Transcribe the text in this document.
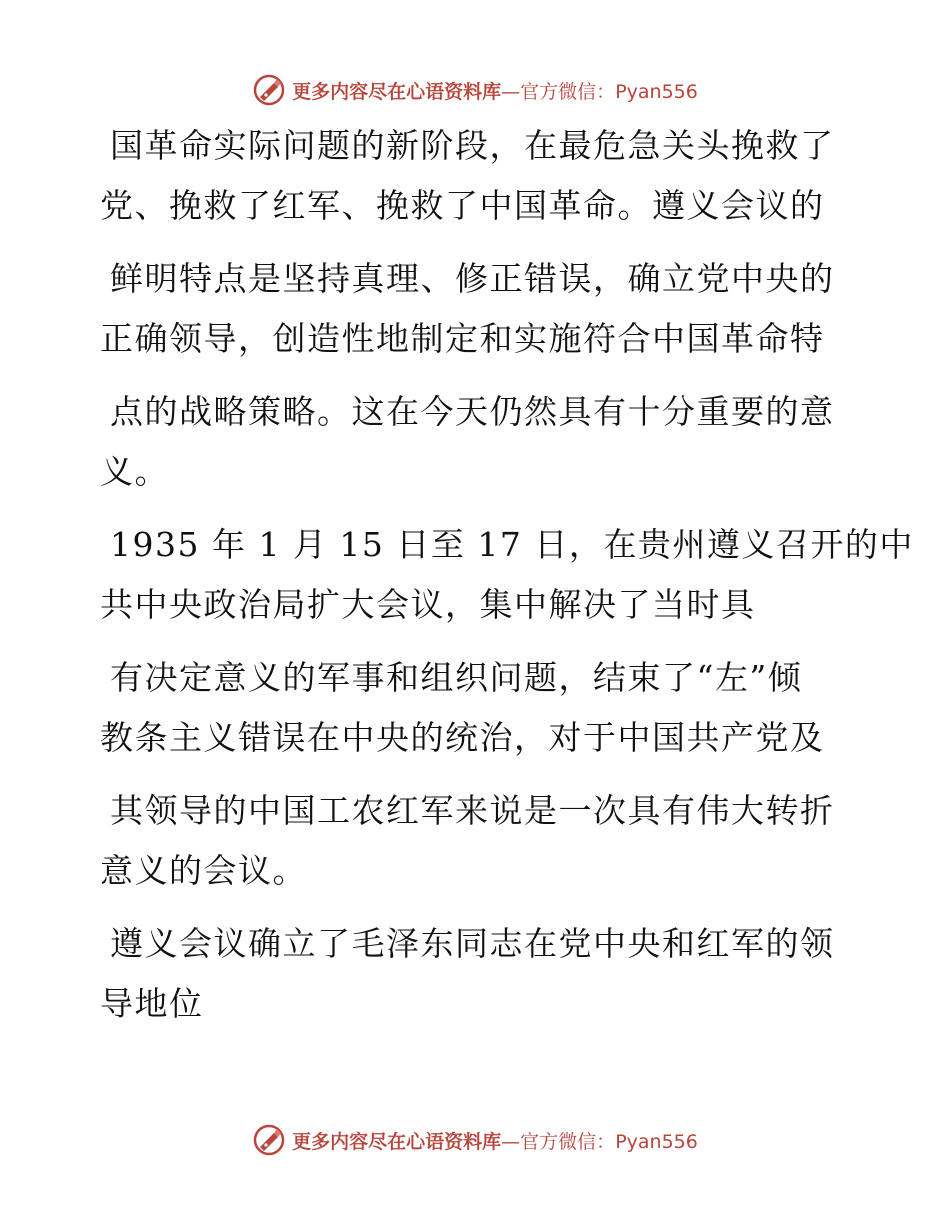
更多内容尽在心语资料库—官方微信：Pyan556
国革命实际问题的新阶段，在最危急关头挽救了
党、挽救了红军、挽救了中国革命。遵义会议的
鲜明特点是坚持真理、修正错误，确立党中央的
正确领导，创造性地制定和实施符合中国革命特
点的战略策略。这在今天仍然具有十分重要的意
义。
1935 年 1 月 15 日至 17 日，在贵州遵义召开的中
共中央政治局扩大会议，集中解决了当时具
有决定意义的军事和组织问题，结束了“左”倾
教条主义错误在中央的统治，对于中国共产党及
其领导的中国工农红军来说是一次具有伟大转折
意义的会议。
遵义会议确立了毛泽东同志在党中央和红军的领
导地位
更多内容尽在心语资料库—官方微信：Pyan556
